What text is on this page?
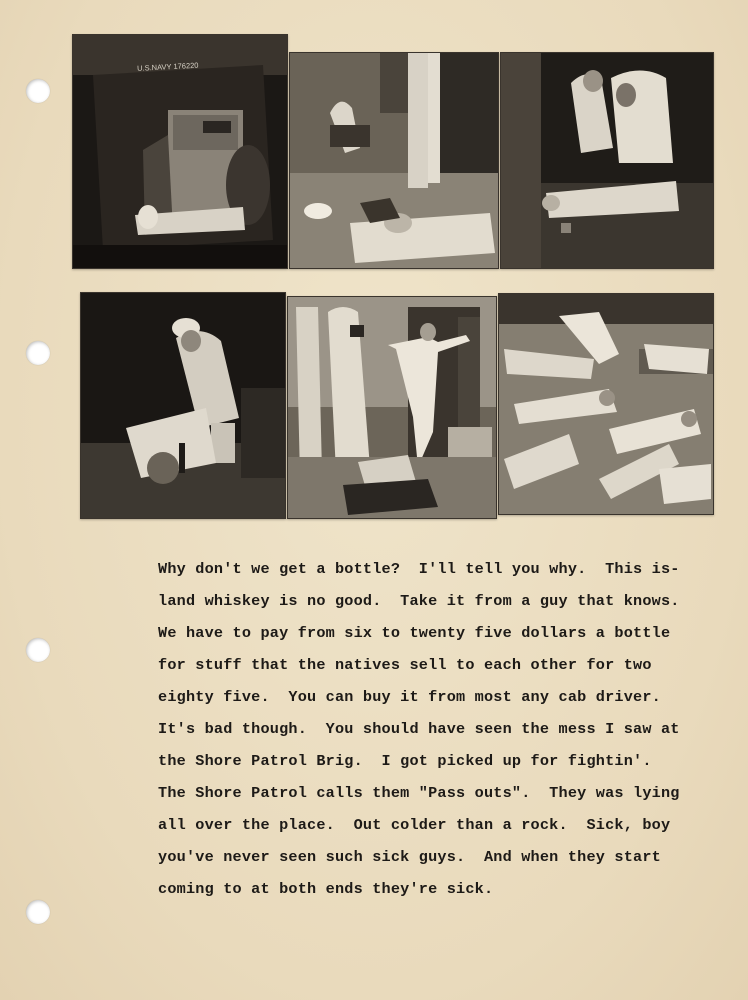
U.S.NAVY 176220
Why don't we get a bottle?  I'll tell you why.  This is-
land whiskey is no good.  Take it from a guy that knows.
We have to pay from six to twenty five dollars a bottle
for stuff that the natives sell to each other for two
eighty five.  You can buy it from most any cab driver.
It's bad though.  You should have seen the mess I saw at
the Shore Patrol Brig.  I got picked up for fightin'.
The Shore Patrol calls them "Pass outs".  They was lying
all over the place.  Out colder than a rock.  Sick, boy
you've never seen such sick guys.  And when they start
coming to at both ends they're sick.
